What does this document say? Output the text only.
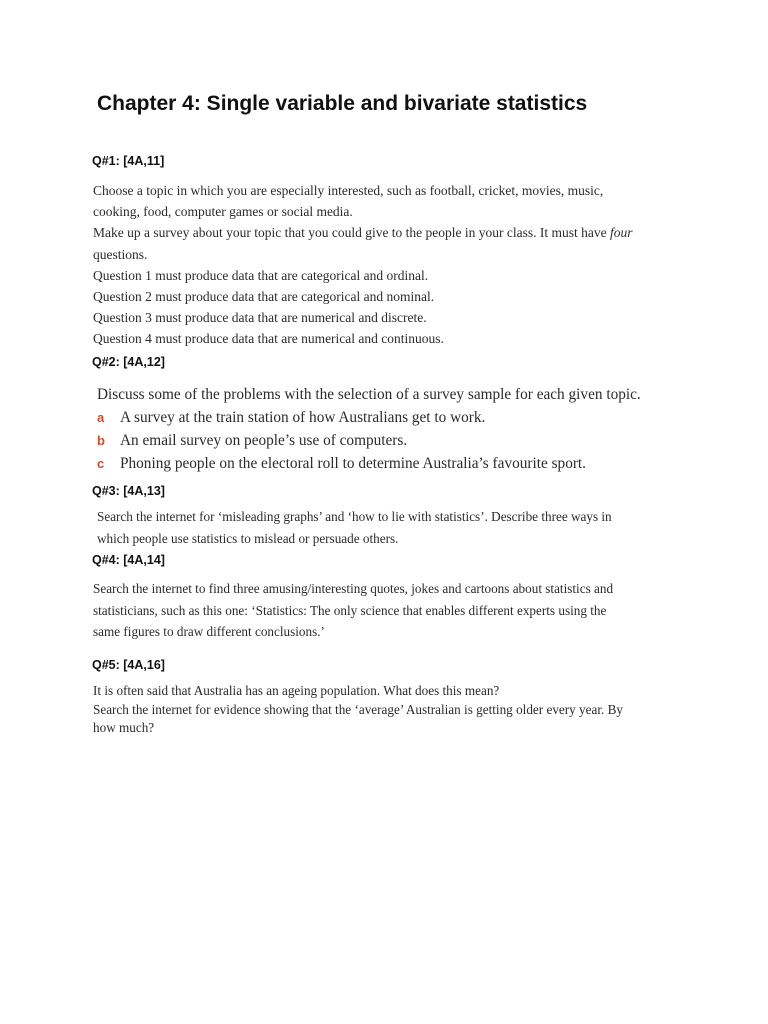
Chapter 4: Single variable and bivariate statistics
Q#1: [4A,11]
Choose a topic in which you are especially interested, such as football, cricket, movies, music,
cooking, food, computer games or social media.
Make up a survey about your topic that you could give to the people in your class. It must have four
questions.
Question 1 must produce data that are categorical and ordinal.
Question 2 must produce data that are categorical and nominal.
Question 3 must produce data that are numerical and discrete.
Question 4 must produce data that are numerical and continuous.
Q#2: [4A,12]
Discuss some of the problems with the selection of a survey sample for each given topic.
a A survey at the train station of how Australians get to work.
b An email survey on people’s use of computers.
c Phoning people on the electoral roll to determine Australia’s favourite sport.
Q#3: [4A,13]
Search the internet for ‘misleading graphs’ and ‘how to lie with statistics’. Describe three ways in
which people use statistics to mislead or persuade others.
Q#4: [4A,14]
Search the internet to find three amusing/interesting quotes, jokes and cartoons about statistics and
statisticians, such as this one: ‘Statistics: The only science that enables different experts using the
same figures to draw different conclusions.’
Q#5: [4A,16]
It is often said that Australia has an ageing population. What does this mean?
Search the internet for evidence showing that the ‘average’ Australian is getting older every year. By
how much?
